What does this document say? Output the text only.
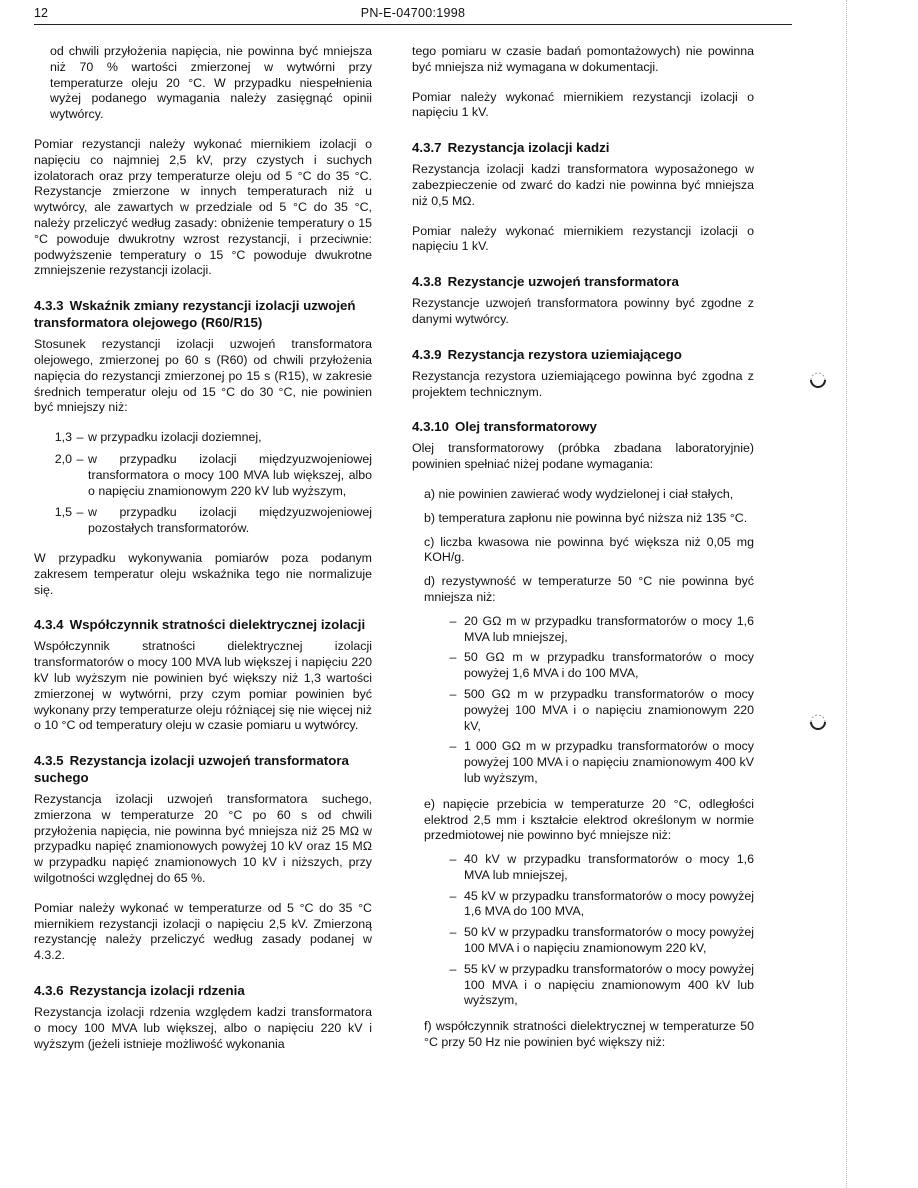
12	PN-E-04700:1998

od chwili przyłożenia napięcia, nie powinna być mniejsza niż 70 % wartości zmierzonej w wytwórni przy temperaturze oleju 20 °C. W przypadku niespełnienia wyżej podanego wymagania należy zasięgnąć opinii wytwórcy.

Pomiar rezystancji należy wykonać miernikiem izolacji o napięciu co najmniej 2,5 kV, przy czystych i suchych izolatorach oraz przy temperaturze oleju od 5 °C do 35 °C. Rezystancje zmierzone w innych temperaturach niż u wytwórcy, ale zawartych w przedziale od 5 °C do 35 °C, należy przeliczyć według zasady: obniżenie temperatury o 15 °C powoduje dwukrotny wzrost rezystancji, i przeciwnie: podwyższenie temperatury o 15 °C powoduje dwukrotne zmniejszenie rezystancji izolacji.

4.3.3 Wskaźnik zmiany rezystancji izolacji uzwojeń transformatora olejowego (R60/R15)

Stosunek rezystancji izolacji uzwojeń transformatora olejowego, zmierzonej po 60 s (R60) od chwili przyłożenia napięcia do rezystancji zmierzonej po 15 s (R15), w zakresie średnich temperatur oleju od 15 °C do 30 °C, nie powinien być mniejszy niż:

1,3 – w przypadku izolacji doziemnej,
2,0 – w przypadku izolacji międzyuzwojeniowej transformatora o mocy 100 MVA lub większej, albo o napięciu znamionowym 220 kV lub wyższym,
1,5 – w przypadku izolacji międzyuzwojeniowej pozostałych transformatorów.

W przypadku wykonywania pomiarów poza podanym zakresem temperatur oleju wskaźnika tego nie normalizuje się.

4.3.4 Współczynnik stratności dielektrycznej izolacji

Współczynnik stratności dielektrycznej izolacji transformatorów o mocy 100 MVA lub większej i napięciu 220 kV lub wyższym nie powinien być większy niż 1,3 wartości zmierzonej w wytwórni, przy czym pomiar powinien być wykonany przy temperaturze oleju różniącej się nie więcej niż o 10 °C od temperatury oleju w czasie pomiaru u wytwórcy.

4.3.5 Rezystancja izolacji uzwojeń transformatora suchego

Rezystancja izolacji uzwojeń transformatora suchego, zmierzona w temperaturze 20 °C po 60 s od chwili przyłożenia napięcia, nie powinna być mniejsza niż 25 MΩ w przypadku napięć znamionowych powyżej 10 kV oraz 15 MΩ w przypadku napięć znamionowych 10 kV i niższych, przy wilgotności względnej do 65 %.

Pomiar należy wykonać w temperaturze od 5 °C do 35 °C miernikiem rezystancji izolacji o napięciu 2,5 kV. Zmierzoną rezystancję należy przeliczyć według zasady podanej w 4.3.2.

4.3.6 Rezystancja izolacji rdzenia

Rezystancja izolacji rdzenia względem kadzi transformatora o mocy 100 MVA lub większej, albo o napięciu 220 kV i wyższym (jeżeli istnieje możliwość wykonania

tego pomiaru w czasie badań pomontażowych) nie powinna być mniejsza niż wymagana w dokumentacji.

Pomiar należy wykonać miernikiem rezystancji izolacji o napięciu 1 kV.

4.3.7 Rezystancja izolacji kadzi

Rezystancja izolacji kadzi transformatora wyposażonego w zabezpieczenie od zwarć do kadzi nie powinna być mniejsza niż 0,5 MΩ.

Pomiar należy wykonać miernikiem rezystancji izolacji o napięciu 1 kV.

4.3.8 Rezystancje uzwojeń transformatora

Rezystancje uzwojeń transformatora powinny być zgodne z danymi wytwórcy.

4.3.9 Rezystancja rezystora uziemiającego

Rezystancja rezystora uziemiającego powinna być zgodna z projektem technicznym.

4.3.10 Olej transformatorowy

Olej transformatorowy (próbka zbadana laboratoryjnie) powinien spełniać niżej podane wymagania:

a) nie powinien zawierać wody wydzielonej i ciał stałych,
b) temperatura zapłonu nie powinna być niższa niż 135 °C.
c) liczba kwasowa nie powinna być większa niż 0,05 mg KOH/g.
d) rezystywność w temperaturze 50 °C nie powinna być mniejsza niż:
– 20 GΩ m w przypadku transformatorów o mocy 1,6 MVA lub mniejszej,
– 50 GΩ m w przypadku transformatorów o mocy powyżej 1,6 MVA i do 100 MVA,
– 500 GΩ m w przypadku transformatorów o mocy powyżej 100 MVA i o napięciu znamionowym 220 kV,
– 1 000 GΩ m w przypadku transformatorów o mocy powyżej 100 MVA i o napięciu znamionowym 400 kV lub wyższym,
e) napięcie przebicia w temperaturze 20 °C, odległości elektrod 2,5 mm i kształcie elektrod określonym w normie przedmiotowej nie powinno być mniejsze niż:
– 40 kV w przypadku transformatorów o mocy 1,6 MVA lub mniejszej,
– 45 kV w przypadku transformatorów o mocy powyżej 1,6 MVA do 100 MVA,
– 50 kV w przypadku transformatorów o mocy powyżej 100 MVA i o napięciu znamionowym 220 kV,
– 55 kV w przypadku transformatorów o mocy powyżej 100 MVA i o napięciu znamionowym 400 kV lub wyższym,
f) współczynnik stratności dielektrycznej w temperaturze 50 °C przy 50 Hz nie powinien być większy niż:
